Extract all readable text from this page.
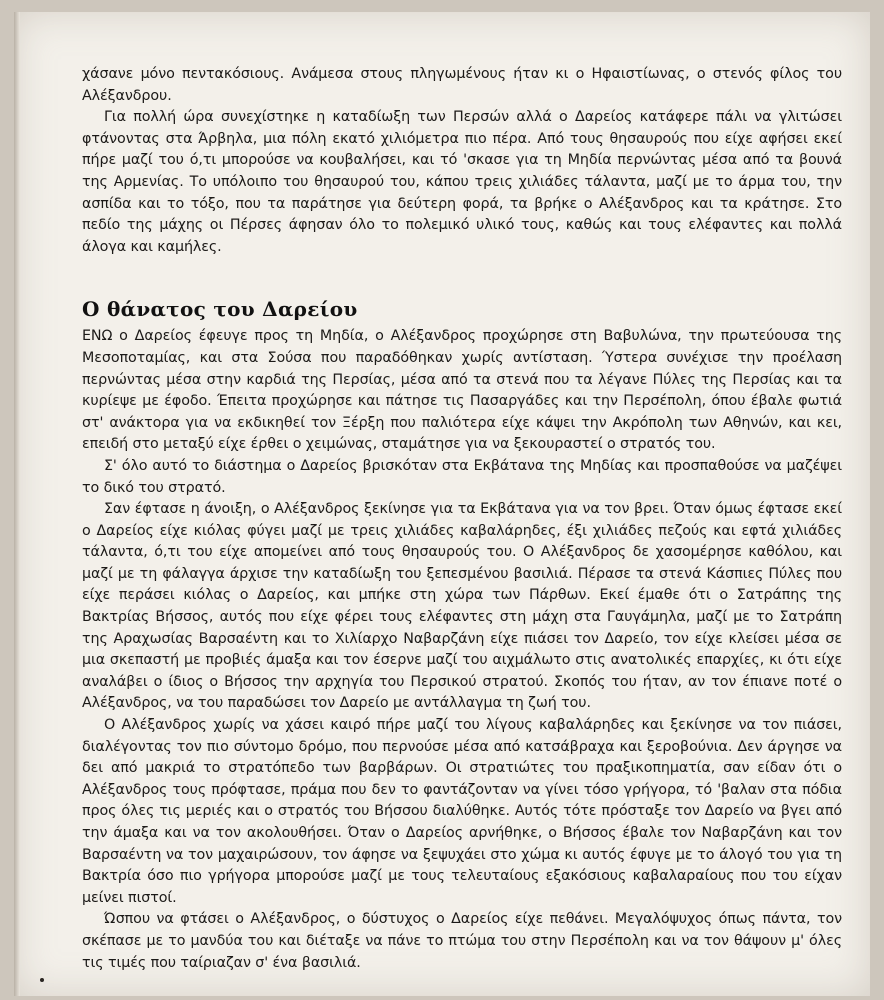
χάσανε μόνο πεντακόσιους. Ανάμεσα στους πληγωμένους ήταν κι ο Ηφαιστίωνας, ο στενός φίλος του Αλέξανδρου.

Για πολλή ώρα συνεχίστηκε η καταδίωξη των Περσών αλλά ο Δαρείος κατάφερε πάλι να γλιτώσει φτάνοντας στα Άρβηλα, μια πόλη εκατό χιλιόμετρα πιο πέρα. Από τους θησαυρούς που είχε αφήσει εκεί πήρε μαζί του ό,τι μπορούσε να κουβαλήσει, και τό 'σκασε για τη Μηδία περνώντας μέσα από τα βουνά της Αρμενίας. Το υπόλοιπο του θησαυρού του, κάπου τρεις χιλιάδες τάλαντα, μαζί με το άρμα του, την ασπίδα και το τόξο, που τα παράτησε για δεύτερη φορά, τα βρήκε ο Αλέξανδρος και τα κράτησε. Στο πεδίο της μάχης οι Πέρσες άφησαν όλο το πολεμικό υλικό τους, καθώς και τους ελέφαντες και πολλά άλογα και καμήλες.

Ο θάνατος του Δαρείου

ΕΝΩ ο Δαρείος έφευγε προς τη Μηδία, ο Αλέξανδρος προχώρησε στη Βαβυλώνα, την πρωτεύουσα της Μεσοποταμίας, και στα Σούσα που παραδόθηκαν χωρίς αντίσταση. Ύστερα συνέχισε την προέλαση περνώντας μέσα στην καρδιά της Περσίας, μέσα από τα στενά που τα λέγανε Πύλες της Περσίας και τα κυρίεψε με έφοδο. Έπειτα προχώρησε και πάτησε τις Πασαργάδες και την Περσέπολη, όπου έβαλε φωτιά στ' ανάκτορα για να εκδικηθεί τον Ξέρξη που παλιότερα είχε κάψει την Ακρόπολη των Αθηνών, και κει, επειδή στο μεταξύ είχε έρθει ο χειμώνας, σταμάτησε για να ξεκουραστεί ο στρατός του.

Σ' όλο αυτό το διάστημα ο Δαρείος βρισκόταν στα Εκβάτανα της Μηδίας και προσπαθούσε να μαζέψει το δικό του στρατό.

Σαν έφτασε η άνοιξη, ο Αλέξανδρος ξεκίνησε για τα Εκβάτανα για να τον βρει. Όταν όμως έφτασε εκεί ο Δαρείος είχε κιόλας φύγει μαζί με τρεις χιλιάδες καβαλάρηδες, έξι χιλιάδες πεζούς και εφτά χιλιάδες τάλαντα, ό,τι του είχε απομείνει από τους θησαυρούς του. Ο Αλέξανδρος δε χασομέρησε καθόλου, και μαζί με τη φάλαγγα άρχισε την καταδίωξη του ξεπεσμένου βασιλιά. Πέρασε τα στενά Κάσπιες Πύλες που είχε περάσει κιόλας ο Δαρείος, και μπήκε στη χώρα των Πάρθων. Εκεί έμαθε ότι ο Σατράπης της Βακτρίας Βήσσος, αυτός που είχε φέρει τους ελέφαντες στη μάχη στα Γαυγάμηλα, μαζί με το Σατράπη της Αραχωσίας Βαρσαέντη και το Χιλίαρχο Ναβαρζάνη είχε πιάσει τον Δαρείο, τον είχε κλείσει μέσα σε μια σκεπαστή με προβιές άμαξα και τον έσερνε μαζί του αιχμάλωτο στις ανατολικές επαρχίες, κι ότι είχε αναλάβει ο ίδιος ο Βήσσος την αρχηγία του Περσικού στρατού. Σκοπός του ήταν, αν τον έπιανε ποτέ ο Αλέξανδρος, να του παραδώσει τον Δαρείο με αντάλλαγμα τη ζωή του.

Ο Αλέξανδρος χωρίς να χάσει καιρό πήρε μαζί του λίγους καβαλάρηδες και ξεκίνησε να τον πιάσει, διαλέγοντας τον πιο σύντομο δρόμο, που περνούσε μέσα από κατσάβραχα και ξεροβούνια. Δεν άργησε να δει από μακριά το στρατόπεδο των βαρβάρων. Οι στρατιώτες του πραξικοπηματία, σαν είδαν ότι ο Αλέξανδρος τους πρόφτασε, πράμα που δεν το φαντάζονταν να γίνει τόσο γρήγορα, τό 'βαλαν στα πόδια προς όλες τις μεριές και ο στρατός του Βήσσου διαλύθηκε. Αυτός τότε πρόσταξε τον Δαρείο να βγει από την άμαξα και να τον ακολουθήσει. Όταν ο Δαρείος αρνήθηκε, ο Βήσσος έβαλε τον Ναβαρζάνη και τον Βαρσαέντη να τον μαχαιρώσουν, τον άφησε να ξεψυχάει στο χώμα κι αυτός έφυγε με το άλογό του για τη Βακτρία όσο πιο γρήγορα μπορούσε μαζί με τους τελευταίους εξακόσιους καβαλαραίους που του είχαν μείνει πιστοί.

Ώσπου να φτάσει ο Αλέξανδρος, ο δύστυχος ο Δαρείος είχε πεθάνει. Μεγαλόψυχος όπως πάντα, τον σκέπασε με το μανδύα του και διέταξε να πάνε το πτώμα του στην Περσέπολη και να τον θάψουν μ' όλες τις τιμές που ταίριαζαν σ' ένα βασιλιά.
